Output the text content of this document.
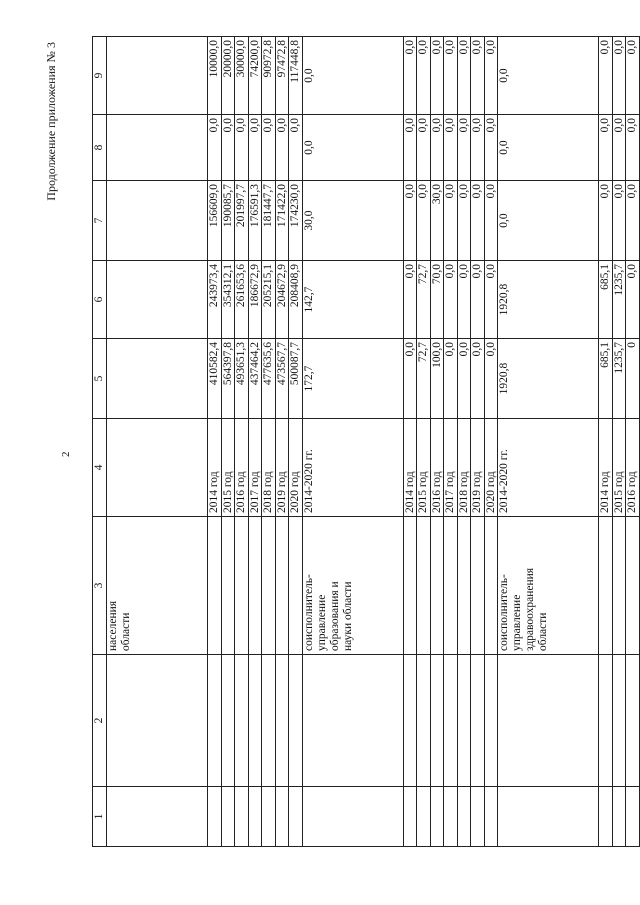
2
Продолжение приложения № 3
1	2	3	4	5	6	7	8	9
		населения
области						
			2014 год	410582,4	243973,4	156609,0	0,0	10000,0
			2015 год	564397,8	354312,1	190085,7	0,0	20000,0
			2016 год	493651,3	261653,6	201997,7	0,0	30000,0
			2017 год	437464,2	186672,9	176591,3	0,0	74200,0
			2018 год	477635,6	205215,1	181447,7	0,0	90972,8
			2019 год	473567,7	204672,9	171422,0	0,0	97472,8
			2020 год	500087,7	208408,9	174230,0	0,0	117448,8
		соисполнитель-
управление
образования и
науки области	2014-2020 гг.	172,7	142,7	30,0	0,0	0,0
			2014 год	0,0	0,0	0,0	0,0	0,0
			2015 год	72,7	72,7	0,0	0,0	0,0
			2016 год	100,0	70,0	30,0	0,0	0,0
			2017 год	0,0	0,0	0,0	0,0	0,0
			2018 год	0,0	0,0	0,0	0,0	0,0
			2019 год	0,0	0,0	0,0	0,0	0,0
			2020 год	0,0	0,0	0,0	0,0	0,0
		соисполнитель-
управление
здравоохранения
области	2014-2020 гг.	1920,8	1920,8	0,0	0,0	0,0
			2014 год	685,1	685,1	0,0	0,0	0,0
			2015 год	1235,7	1235,7	0,0	0,0	0,0
			2016 год	0	0,0	0,0	0,0	0,0
